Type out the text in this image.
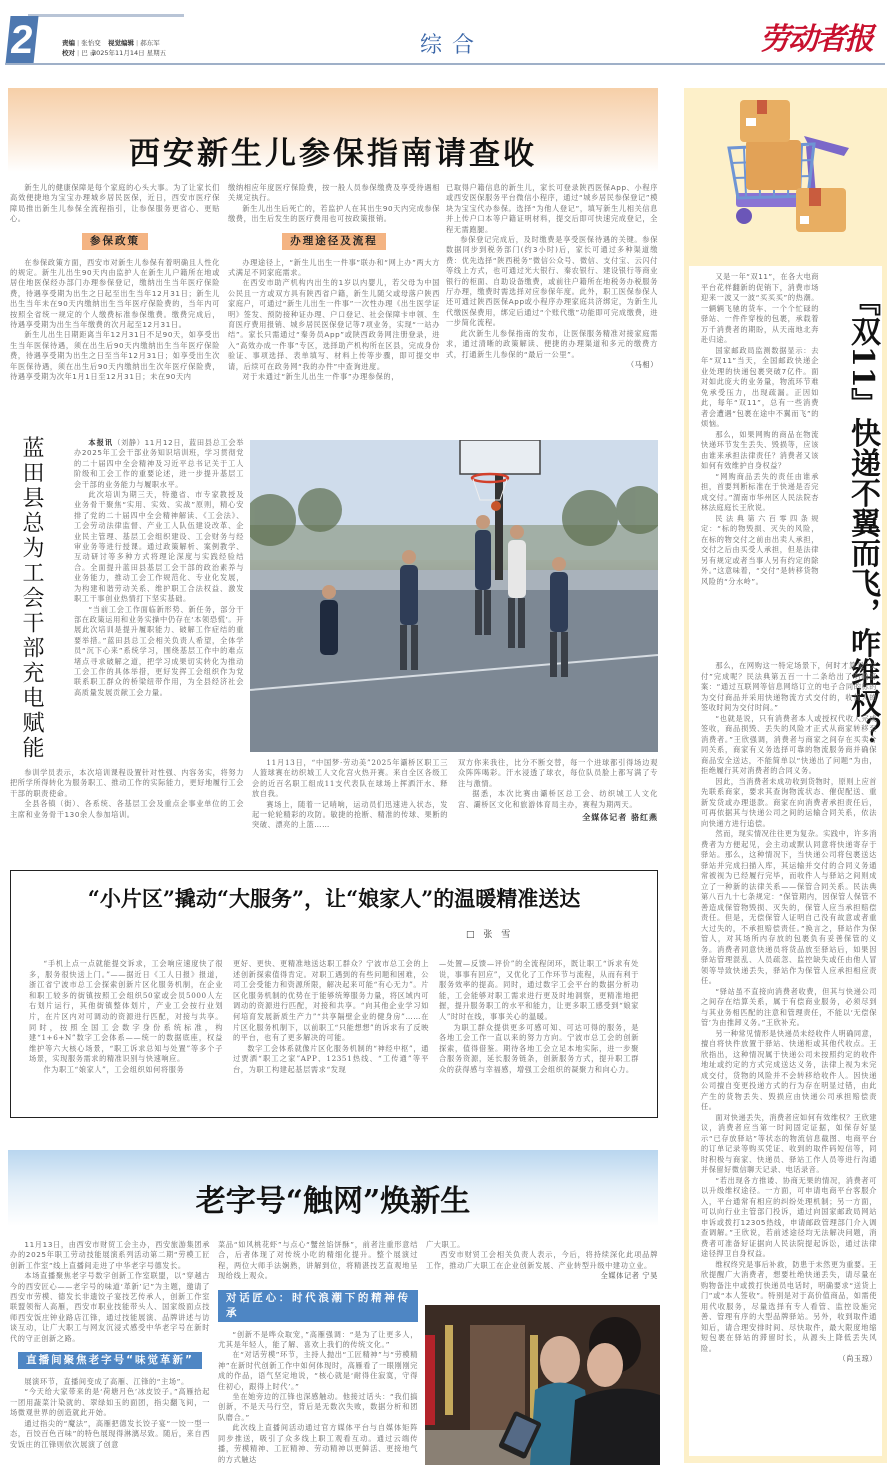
2	责编 | 张怡变
校对 | 巴 赤
视觉编辑 | 郝东军
2025年11月14日 星期五	综合	劳动者报
西安新生儿参保指南请查收

新生儿的健康保障是每个家庭的心头大事。为了让家长们高效便捷地为宝宝办理城乡居民医保，近日，西安市医疗保障局推出新生儿参保全流程指引，让参保服务更省心、更贴心。

参保政策

在参保政策方面，西安市对新生儿参保有着明确且人性化的规定。新生儿出生90天内由监护人在新生儿户籍所在地或居住地医保经办部门办理参保登记，缴纳出生当年医疗保险费，待遇享受期为出生之日起至出生当年12月31日；新生儿出生当年未在90天内缴纳出生当年医疗保险费的，当年内可按照全省统一规定的个人缴费标准参保缴费。缴费完成后，待遇享受期为出生当年缴费的次月起至12月31日。

新生儿出生日期距离当年12月31日不足90天，如享受出生当年医保待遇，须在出生后90天内缴纳出生当年医疗保险费，待遇享受期为出生之日至当年12月31日；如享受出生次年医保待遇，须在出生后90天内缴纳出生次年医疗保险费，待遇享受期为次年1月1日至12月31日；未在90天内

缴纳相应年度医疗保险费，按一般人员参保缴费及享受待遇相关规定执行。

新生儿出生后死亡的，若监护人在其出生90天内完成参保缴费，出生后发生的医疗费用也可按政策报销。

办理途径及流程

办理途径上，“新生儿出生一件事”联办和“网上办”两大方式满足不同家庭需求。

在西安市助产机构内出生的1岁以内婴儿，若父母为中国公民且一方或双方具有陕西省户籍，新生儿随父或母落户陕西家庭户，可通过“新生儿出生一件事”一次性办理《出生医学证明》签发、预防接种证办理、户口登记、社会保障卡申领、生育医疗费用报销、城乡居民医保登记等7项业务，实现“一站办结”。家长只需通过“秦务员App”或陕西政务网注册登录，进入“高效办成一件事”专区，选择助产机构所在区县，完成身份验证、事项选择、表单填写、材料上传等步骤，即可提交申请，后续可在政务网“我的办件”中查询进度。

对于未通过“新生儿出生一件事”办理参保的，

已取得户籍信息的新生儿，家长可登录陕西医保App、小程序或西安医保服务平台微信小程序，通过“城乡居民参保登记”模块为宝宝代办参保。选择“为他人登记”，填写新生儿相关信息并上传户口本等户籍证明材料，提交后即可快速完成登记，全程无需跑腿。

参保登记完成后，及时缴费是享受医保待遇的关键。参保数据同步到税务部门(约3小时)后，家长可通过多种渠道缴费：优先选择“陕西税务”微信公众号、微信、支付宝、云闪付等线上方式，也可通过光大银行、秦农银行、建设银行等商业银行的柜面、自助设备缴费，或前往户籍所在地税务办税服务厅办理，缴费时需选择对应参保年度。此外，职工医保参保人还可通过陕西医保App或小程序办理家庭共济绑定，为新生儿代缴医保费用，绑定后通过“个账代缴”功能即可完成缴费，进一步简化流程。

此次新生儿参保指南的发布，让医保服务精准对接家庭需求，通过清晰的政策解读、便捷的办理渠道和多元的缴费方式，打通新生儿参保的“最后一公里”。

（马相）

蓝田县总为工会干部充电赋能	本报讯（刘静）11月12日，蓝田县总工会举办2025年工会干部业务知识培训班，学习贯彻党的二十届四中全会精神及习近平总书记关于工人阶级和工会工作的重要论述，进一步提升基层工会干部的业务能力与履职水平。

此次培训为期三天，特邀省、市专家教授及业务骨干聚焦“实用、实效、实战”原则，精心安排了党的二十届四中全会精神解读、《工会法》、工会劳动法律监督、产业工人队伍建设改革、企业民主管理、基层工会组织建设、工会财务与经审业务等进行授课。通过政策解析、案例教学、互动研讨等多种方式将理论深度与实践经验结合。全面提升蓝田县基层工会干部的政治素养与业务能力，推动工会工作规范化、专业化发展，为构建和谐劳动关系、维护职工合法权益、激发职工干事创业热情打下坚实基础。

“当前工会工作面临新形势、新任务，部分干部在政策运用和业务实操中仍存在‘本领恐慌’。开展此次培训是提升履职能力、破解工作症结的重要举措。”蓝田县总工会相关负责人希望，全体学员“沉下心来”系统学习，围绕基层工作中的难点堵点寻求破解之道，把学习成果切实转化为推动工会工作的具体举措，更好发挥工会组织作为党联系职工群众的桥梁纽带作用，为全县经济社会高质量发展贡献工会力量。

参训学员表示，本次培训课程设置针对性强、内容务实，将努力把所学所得转化为服务职工、推动工作的实际能力，更好地履行工会干部的职责使命。

全县各镇（街）、各系统、各基层工会及重点企事业单位的工会主席和业务骨干130余人参加培训。

11月13日，“中国梦·劳动美”2025年灞桥区职工三人篮球赛在纺织城工人文化宫火热开赛。来自全区各级工会的近百名职工组成11支代表队在球场上挥洒汗水、释放自我。

赛场上，随着一记哨响，运动员们迅速进入状态，发起一轮轮精彩的攻防。敏捷的抢断、精准的传球、果断的突破、漂亮的上篮……

双方你来我往，比分不断交替，每一个进球都引得场边观众阵阵喝彩。汗水浸透了球衣，每位队员脸上都写满了专注与激情。

据悉，本次比赛由灞桥区总工会、纺织城工人文化宫、灞桥区文化和旅游体育局主办，赛程为期两天。

全媒体记者 骆红燕

“小片区”撬动“大服务”，让“娘家人”的温暖精准送达
□ 张 雪

“手机上点一点就能提交诉求，工会响应速度快了很多，服务很快送上门。”——据近日《工人日报》报道，浙江省宁波市总工会探索创新片区化服务机制，在企业和职工较多的街镇按照工会组织50家或会员5000人左右划片运行，其他街镇整体划片，产业工会按行业划片，在片区内对可调动的资源进行匹配，对接与共享。同时，按照全国工会数字身份系统标准，构建“1+6+N”数字工会体系——统一的数据底座，权益维护等六大核心场景，“职工诉求总知与处置”等多个子场景，实现服务需求的精准识别与快速响应。

作为职工“娘家人”，工会组织如何将服务

更好、更快、更精准地送达职工群众？宁波市总工会的上述创新探索值得肯定。对职工遇到的有些问题和困难，公司工会受能力和资源所限，解决起来可能“有心无力”。片区化服务机制的优势在于能够统筹服务力量，将区域内可调动的资源进行匹配，对接和共享。“向其他企业学习如何培育发展新质生产力”“共享隔壁企业的健身房”……在片区化服务机制下，以前职工“只能想想”的诉求有了反映的平台，也有了更多解决的可能。

数字工会体系就像片区化服务机制的“神经中枢”，通过贾洒“职工之家”APP、12351热线、“工传通”等平台，为职工构建起基层需求“发现

—处置—反馈—评价”的全流程闭环，既让职工“诉求有处说，事事有回应”，又优化了工作环节与流程，从而有利于服务效率的提高。同时，通过数字工会平台的数据分析功能，工会能够对职工需求进行更及时地洞察，更精准地把握，提升服务职工的水平和能力，让更多职工感受到“娘家人”时时在线，事事关心的温暖。

为职工群众提供更多可感可知、可达可得的服务，是各地工会工作一直以来的努力方向。宁波市总工会的创新探索，值得借鉴。期待各地工会立足本地实际，进一步聚合服务资源，延长服务链条，创新服务方式，提升职工群众的获得感与幸福感，增强工会组织的凝聚力和向心力。

老字号“触网”焕新生

11月13日，由西安市财贸工会主办，西安旅游集团承办的2025年职工劳动技能展演系列活动第二期“劳模工匠创新工作室”线上直播间走进了中华老字号德发长。

本场直播聚焦老字号数字创新工作室联盟，以“穿越古今的西安匠心——老字号的味道‘革新’记”为主题，邀请了西安市劳模、德发长非遗饺子宴技艺传承人，创新工作室联盟领衔人高雁，西安市职业技能带头人、国家级面点技师西安饭庄钟业路店江锋，通过技能展演、品牌讲述与访谈互动，让广大职工与网友沉浸式感受中华老字号在新时代的守正创新之路。

直播间聚焦老字号“味觉革新”

展演环节，直播间变成了高雁、江锋的“主场”。

“今天给大家带来的是‘荷塘月色’冰皮饺子。”高雁拾起一团用蔬菜汁染就的、翠绿如玉的面团，指尖翻飞间，一场微观世界的创造就此开始。

通过指尖的“魔法”，高雁把德发长饺子宴“一饺一型一态，百饺百色百味”的特色展现得淋漓尽致。随后，来自西安饭庄的江锋则依次展演了创意

菜品“如风桃花虾”与点心“蟹丝馅饼酥”，前者注重形意结合，后者体现了对传统小吃的精细化提升。整个展演过程，两位大师手法娴熟，讲解到位，将精湛技艺直观地呈现给线上观众。

对话匠心：时代浪潮下的精神传承

“创新不是哗众取宠，”高雁强调：“是为了让更多人，尤其是年轻人，能了解、喜欢上我们的传统文化。”

在“对话劳模”环节，主持人抛出“工匠精神”与“劳模精神”在新时代创新工作中如何体现时，高雁看了一眼刚刚完成的作品，语气坚定地说，“核心就是‘耐得住寂寞，守得住初心，跟得上时代’。”

坐在她旁边的江锋也深感触动。他接过话头：“我们搞创新，不是天马行空，背后是无数次失败，数据分析和团队磨合。”

此次线上直播间活动通过官方媒体平台与自媒体矩阵同步推送，吸引了众多线上职工观看互动。通过云端传播，劳模精神、工匠精神、劳动精神以更鲜活、更接地气的方式触达

广大职工。

西安市财贸工会相关负责人表示，今后，将持续深化此项品牌工作，推动广大职工在企业创新发展、产业转型升级中建功立业。

全媒体记者 宁昊

『双11』快递不翼而飞，咋维权？

又是一年“双11”，在各大电商平台花样翻新的促销下，消费市场迎来一波又一波“买买买”的热潮。一辆辆飞驰的货车、一个个忙碌的驿站、一件件穿梭的包裹，承载着万千消费者的期盼，从天南地北奔赴归途。

国家邮政局监测数据显示：去年“双11”当天，全国邮政快递企业处理的快递包裹突破7亿件。面对如此庞大的业务量，物流环节难免承受压力，出现疏漏。正因如此，每年“双11”，总有一些消费者会遭遇“包裹在途中不翼而飞”的烦恼。

那么，如果网购的商品在物流快递环节发生丢失、毁损等，应该由谁来承担法律责任？消费者又该如何有效维护自身权益？

“网购商品丢失的责任由谁承担，首要判断标准在于快递是否完成交付。”渭南市华州区人民法院杏林法庭庭长王欣说。

民法典第六百零四条规定：“标的物毁损、灭失的风险，在标的物交付之前由出卖人承担，交付之后由买受人承担，但是法律另有规定或者当事人另有约定的除外。”这意味着，“交付”是转移货物风险的“分水岭”。

那么，在网购这一特定场景下，何时才算是“交付”完成呢？民法典第五百一十二条给出了明确答案：“通过互联网等信息网络订立的电子合同的标的为交付商品并采用快递物流方式交付的，收货人的签收时间为交付时间。”

“也就是说，只有消费者本人或授权代收人完成签收，商品损毁、丢失的风险才正式从商家转移至消费者。”王欣强调，消费者与商家之间存在买卖合同关系，商家有义务选择可靠的物流服务商并确保商品安全送达，不能简单以“快递出了问题”为由，拒绝履行其对消费者的合同义务。

因此，当消费者未成功收到货物时，原则上应首先联系商家，要求其查询物流状态、催促配送、重新发货或办理退款。商家在向消费者承担责任后，可再依据其与快递公司之间的运输合同关系，依法向快递方进行追偿。

然而，现实情况往往更为复杂。实践中，许多消费者为方便起见，会主动或默认同意将快递寄存于驿站。那么，这种情况下，当快递公司将包裹送达驿站并完成扫描入库，其运输并交付的合同义务通常被视为已经履行完毕，而收件人与驿站之间则成立了一种新的法律关系——保管合同关系。民法典第八百九十七条规定：“保管期内，因保管人保管不善造成保管物毁损、灭失的，保管人应当承担赔偿责任。但是，无偿保管人证明自己没有故意或者重大过失的，不承担赔偿责任。”换言之，驿站作为保管人，对其场所内存放的包裹负有妥善保管的义务。消费者同意快递员将货品放至驿站后，如果因驿站管理混乱、人员疏忽、监控缺失或任由他人冒领等导致快递丢失，驿站作为保管人应承担相应责任。

“驿站虽不直接向消费者收费，但其与快递公司之间存在结算关系，属于有偿商业服务，必须尽到与其业务相匹配的注意和管理责任，不能以‘无偿保管’为由推卸义务。”王欣补充。

另一种常见情形是快递员未经收件人明确同意，擅自将快件放置于驿站、快递柜或其他代收点。王欣指出，这种情况属于快递公司未按照约定的收件地址或约定的方式完成送达义务，法律上视为未完成交付，货物的风险并不会转移给收件人。因快递公司擅自变更投递方式的行为存在明显过错，由此产生的货物丢失、毁损应由快递公司承担赔偿责任。

面对快递丢失，消费者应如何有效维权？王欣建议，消费者应当第一时间固定证据，如保存好显示“已存放驿站”等状态的物流信息截图、电商平台的订单记录等购买凭证、收到的取件码短信等，同时积极与商家、快递员、驿站工作人员等进行沟通并保留好微信聊天记录、电话录音。

“若出现各方推诿、协商无果的情况，消费者可以升级维权途径。一方面，可申请电商平台客服介入，平台通常有相应的纠纷处理机制；另一方面，可以向行业主管部门投诉，通过向国家邮政局网站申诉或拨打12305热线，申请邮政管理部门介入调查调解。”王欣说，若前述途径均无法解决问题，消费者可准备好证据向人民法院提起诉讼，通过法律途径捍卫自身权益。

维权终究是事后补救，防患于未然更为重要。王欣提醒广大消费者，想要杜绝快递丢失，请尽量在购物备注中或拨打快递员电话时，明确要求“送货上门”或“本人签收”。特别是对于高价值商品，如需使用代收服务，尽量选择有专人看管、监控设施完善、管理有序的大型品牌驿站。另外，收到取件通知后，请合理安排时间、尽快取件，最大限度地缩短包裹在驿站的滞留时长，从源头上降低丢失风险。

（尚玉琼）
